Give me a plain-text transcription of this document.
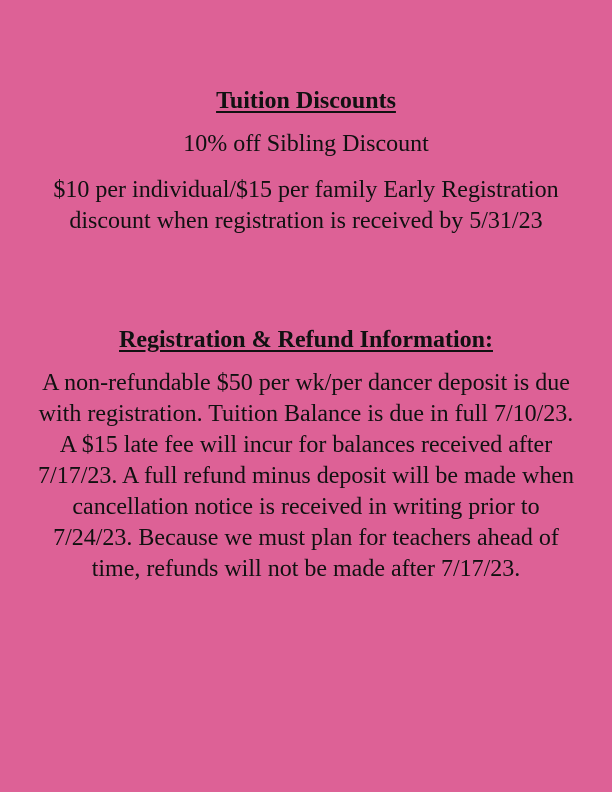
Tuition Discounts

10% off Sibling Discount

$10 per individual/$15 per family Early Registration discount when registration is received by 5/31/23

Registration & Refund Information:

A non-refundable $50 per wk/per dancer deposit is due with registration. Tuition Balance is due in full 7/10/23. A $15 late fee will incur for balances received after 7/17/23. A full refund minus deposit will be made when cancellation notice is received in writing prior to 7/24/23. Because we must plan for teachers ahead of time, refunds will not be made after 7/17/23.
